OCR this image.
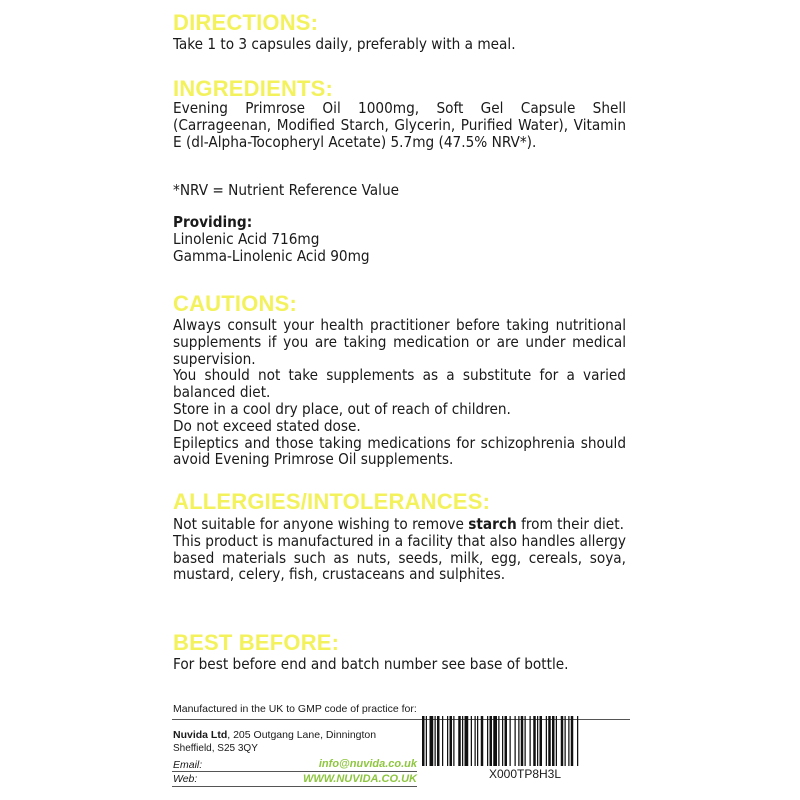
DIRECTIONS:

Take 1 to 3 capsules daily, preferably with a meal.

INGREDIENTS:

Evening Primrose Oil 1000mg, Soft Gel Capsule Shell (Carrageenan, Modified Starch, Glycerin, Purified Water), Vitamin E (dl-Alpha-Tocopheryl Acetate) 5.7mg (47.5% NRV*).

*NRV = Nutrient Reference Value

Providing:

Linolenic Acid 716mg

Gamma-Linolenic Acid 90mg

CAUTIONS:

Always consult your health practitioner before taking nutritional supplements if you are taking medication or are under medical supervision.

You should not take supplements as a substitute for a varied balanced diet.

Store in a cool dry place, out of reach of children.

Do not exceed stated dose.

Epileptics and those taking medications for schizophrenia should avoid Evening Primrose Oil supplements.

ALLERGIES/INTOLERANCES:

Not suitable for anyone wishing to remove starch from their diet.

This product is manufactured in a facility that also handles allergy based materials such as nuts, seeds, milk, egg, cereals, soya, mustard, celery, fish, crustaceans and sulphites.

BEST BEFORE:

For best before end and batch number see base of bottle.

Manufactured in the UK to GMP code of practice for:
Nuvida Ltd, 205 Outgang Lane, Dinnington
Sheffield, S25 3QY
Email:	info@nuvida.co.uk
Web:	WWW.NUVIDA.CO.UK	X000TP8H3L
